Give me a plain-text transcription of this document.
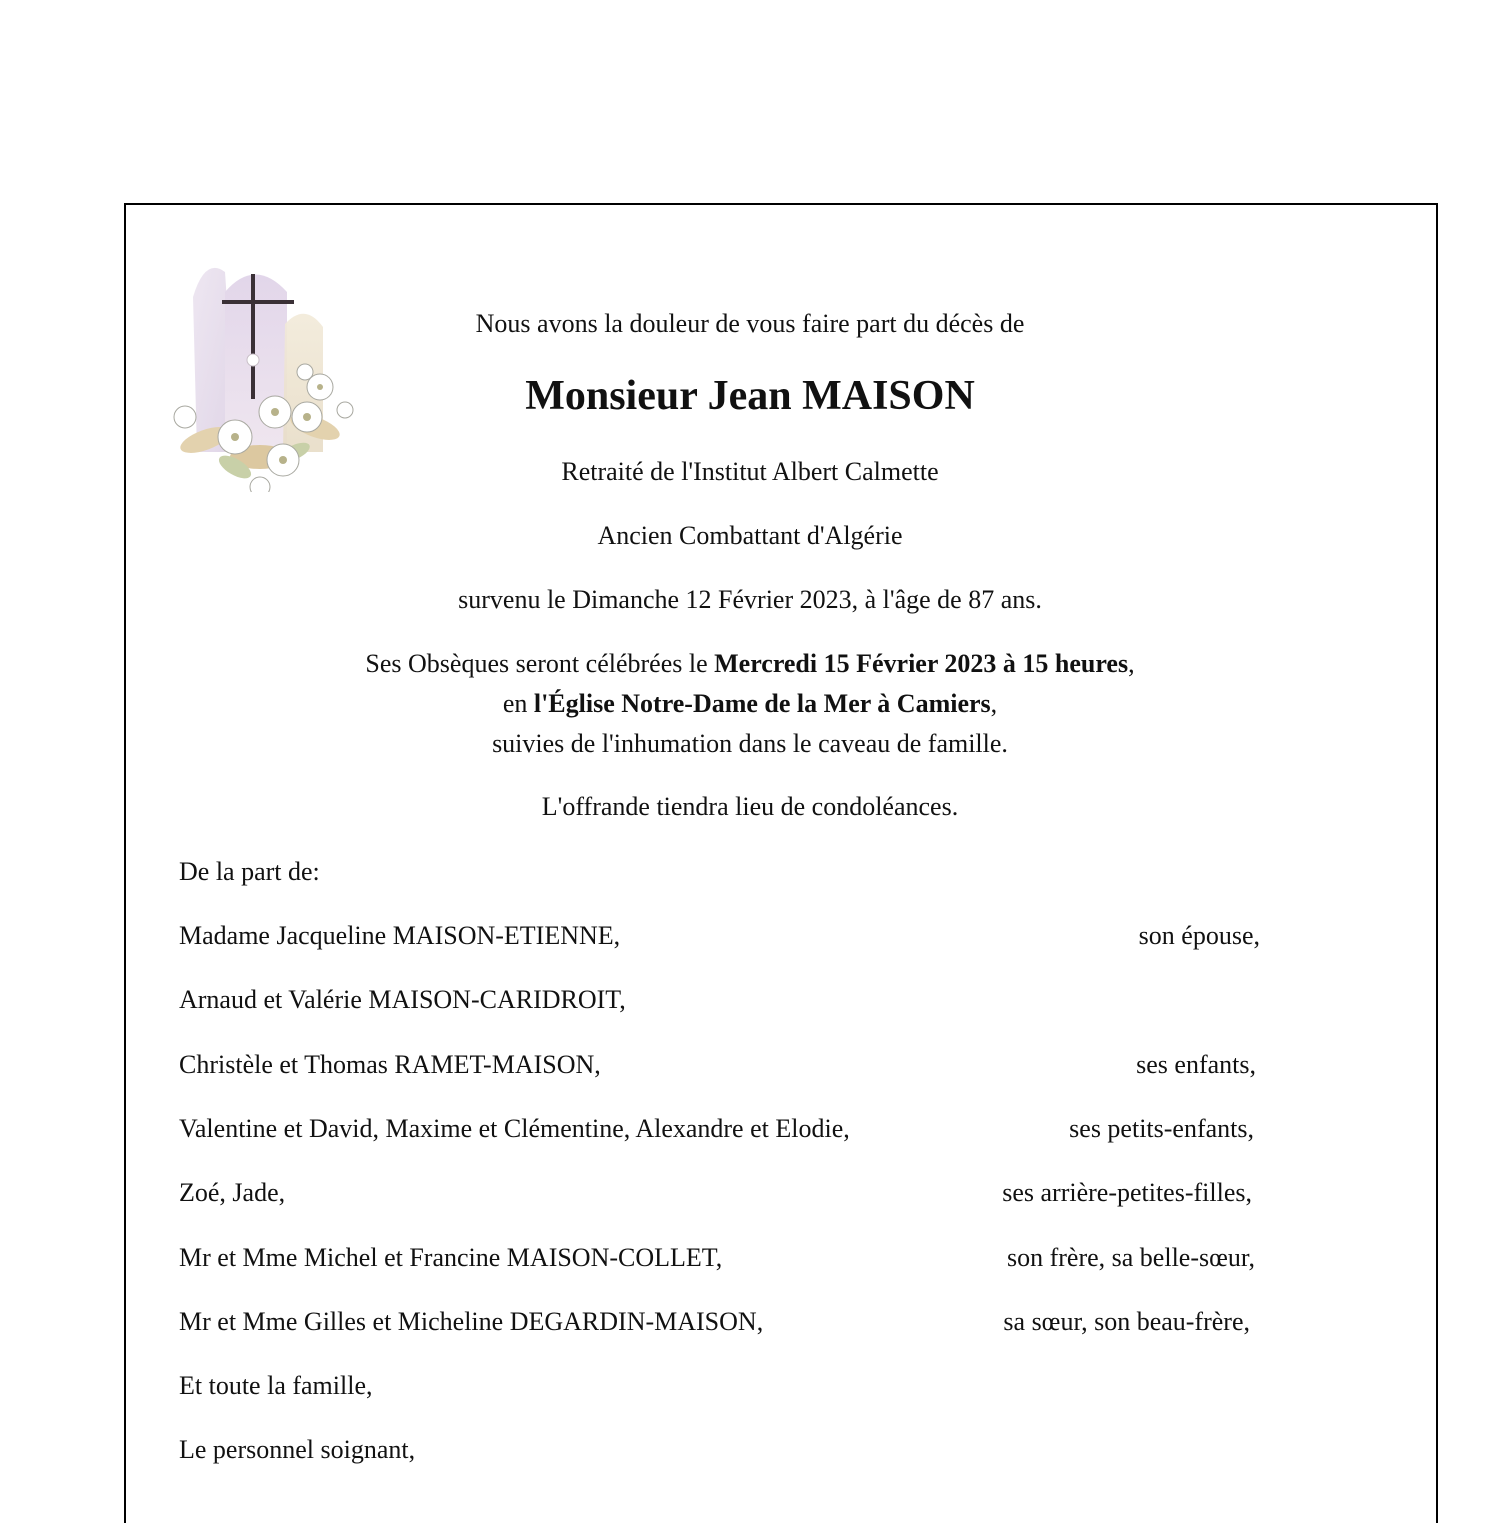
Nous avons la douleur de vous faire part du décès de
Monsieur Jean MAISON
Retraité de l'Institut Albert Calmette
Ancien Combattant d'Algérie
survenu le Dimanche 12 Février 2023, à l'âge de 87 ans.
Ses Obsèques seront célébrées le Mercredi 15 Février 2023 à 15 heures,
en l'Église Notre-Dame de la Mer à Camiers,
suivies de l'inhumation dans le caveau de famille.
L'offrande tiendra lieu de condoléances.
De la part de:
Madame Jacqueline MAISON-ETIENNE,	son épouse,
Arnaud et Valérie MAISON-CARIDROIT,
Christèle et Thomas RAMET-MAISON,	ses enfants,
Valentine et David, Maxime et Clémentine, Alexandre et Elodie,	ses petits-enfants,
Zoé, Jade,	ses arrière-petites-filles,
Mr et Mme Michel et Francine MAISON-COLLET,	son frère, sa belle-sœur,
Mr et Mme Gilles et Micheline DEGARDIN-MAISON,	sa sœur, son beau-frère,
Et toute la famille,
Le personnel soignant,
